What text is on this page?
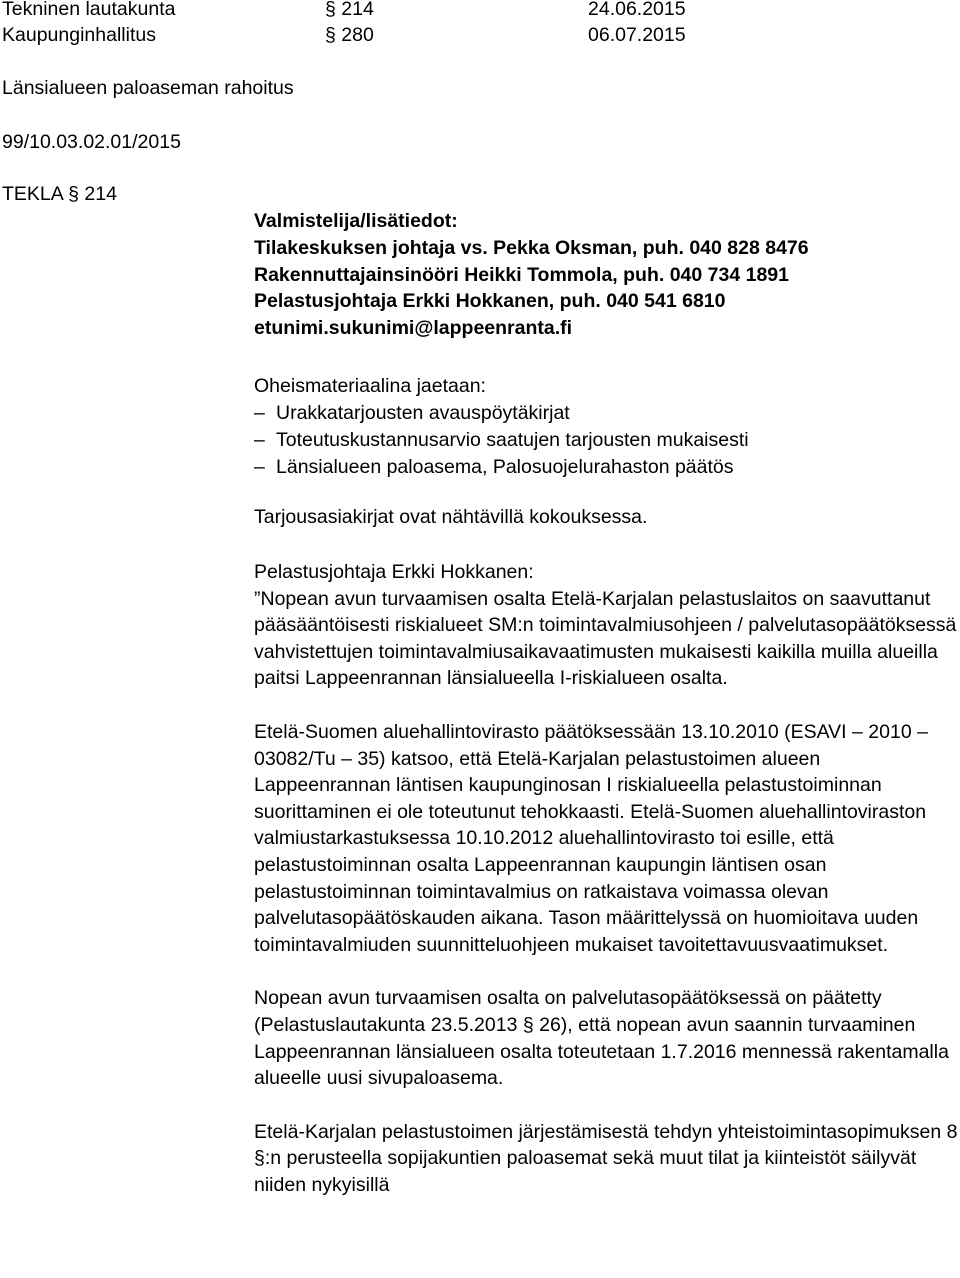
Tekninen lautakunta	§ 214	24.06.2015
Kaupunginhallitus	§ 280	06.07.2015
Länsialueen paloaseman rahoitus
99/10.03.02.01/2015
TEKLA § 214

Valmistelija/lisätiedot:

Tilakeskuksen johtaja vs. Pekka Oksman, puh. 040 828 8476

Rakennuttajainsinööri Heikki Tommola, puh. 040 734 1891

Pelastusjohtaja Erkki Hokkanen, puh. 040 541 6810

etunimi.sukunimi@lappeenranta.fi

Oheismateriaalina jaetaan:

– Urakkatarjousten avauspöytäkirjat

– Toteutuskustannusarvio saatujen tarjousten mukaisesti

– Länsialueen paloasema, Palosuojelurahaston päätös

Tarjousasiakirjat ovat nähtävillä kokouksessa.

Pelastusjohtaja Erkki Hokkanen:

”Nopean avun turvaamisen osalta Etelä-Karjalan pelastuslaitos on saavuttanut pääsääntöisesti riskialueet SM:n toimintavalmiusohjeen / palvelutasopäätöksessä vahvistettujen toimintavalmiusaikavaatimusten mukaisesti kaikilla muilla alueilla paitsi Lappeenrannan länsialueella I-riskialueen osalta.

Etelä-Suomen aluehallintovirasto päätöksessään 13.10.2010 (ESAVI – 2010 – 03082/Tu – 35) katsoo, että Etelä-Karjalan pelastustoimen alueen Lappeenrannan läntisen kaupunginosan I riskialueella pelastustoiminnan suorittaminen ei ole toteutunut tehokkaasti. Etelä-Suomen aluehallintoviraston valmiustarkastuksessa 10.10.2012 aluehallintovirasto toi esille, että pelastustoiminnan osalta Lappeenrannan kaupungin läntisen osan pelastustoiminnan toimintavalmius on ratkaistava voimassa olevan palvelutasopäätöskauden aikana. Tason määrittelyssä on huomioitava uuden toimintavalmiuden suunnitteluohjeen mukaiset tavoitettavuusvaatimukset.

Nopean avun turvaamisen osalta on palvelutasopäätöksessä on päätetty (Pelastuslautakunta 23.5.2013 § 26), että nopean avun saannin turvaaminen Lappeenrannan länsialueen osalta toteutetaan 1.7.2016 mennessä rakentamalla alueelle uusi sivupaloasema.

Etelä-Karjalan pelastustoimen järjestämisestä tehdyn yhteistoimintasopimuksen 8 §:n perusteella sopijakuntien paloasemat sekä muut tilat ja kiinteistöt säilyvät niiden nykyisillä
